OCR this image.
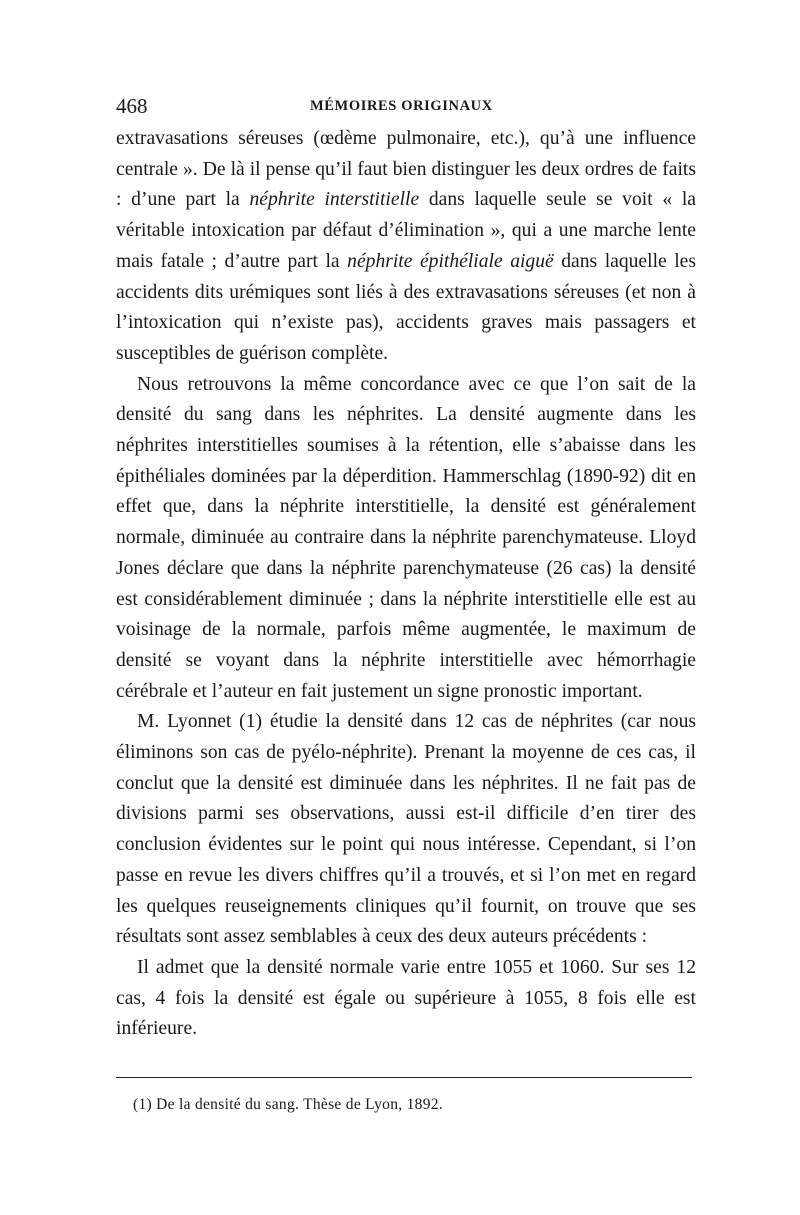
468	MÉMOIRES ORIGINAUX

extravasations séreuses (œdème pulmonaire, etc.), qu’à une influence centrale ». De là il pense qu’il faut bien distinguer les deux ordres de faits : d’une part la néphrite interstitielle dans laquelle seule se voit « la véritable intoxication par défaut d’élimination », qui a une marche lente mais fatale ; d’autre part la néphrite épithéliale aiguë dans laquelle les accidents dits urémiques sont liés à des extravasations séreuses (et non à l’intoxication qui n’existe pas), accidents graves mais passagers et susceptibles de guérison complète.

Nous retrouvons la même concordance avec ce que l’on sait de la densité du sang dans les néphrites. La densité augmente dans les néphrites interstitielles soumises à la rétention, elle s’abaisse dans les épithéliales dominées par la déperdition. Hammerschlag (1890-92) dit en effet que, dans la néphrite interstitielle, la densité est généralement normale, diminuée au contraire dans la néphrite parenchymateuse. Lloyd Jones déclare que dans la néphrite parenchymateuse (26 cas) la densité est considérablement diminuée ; dans la néphrite interstitielle elle est au voisinage de la normale, parfois même augmentée, le maximum de densité se voyant dans la néphrite interstitielle avec hémorrhagie cérébrale et l’auteur en fait justement un signe pronostic important.

M. Lyonnet (1) étudie la densité dans 12 cas de néphrites (car nous éliminons son cas de pyélo-néphrite). Prenant la moyenne de ces cas, il conclut que la densité est diminuée dans les néphrites. Il ne fait pas de divisions parmi ses observations, aussi est-il difficile d’en tirer des conclusion évidentes sur le point qui nous intéresse. Cependant, si l’on passe en revue les divers chiffres qu’il a trouvés, et si l’on met en regard les quelques reuseignements cliniques qu’il fournit, on trouve que ses résultats sont assez semblables à ceux des deux auteurs précédents :

Il admet que la densité normale varie entre 1055 et 1060. Sur ses 12 cas, 4 fois la densité est égale ou supérieure à 1055, 8 fois elle est inférieure.

(1) De la densité du sang. Thèse de Lyon, 1892.
